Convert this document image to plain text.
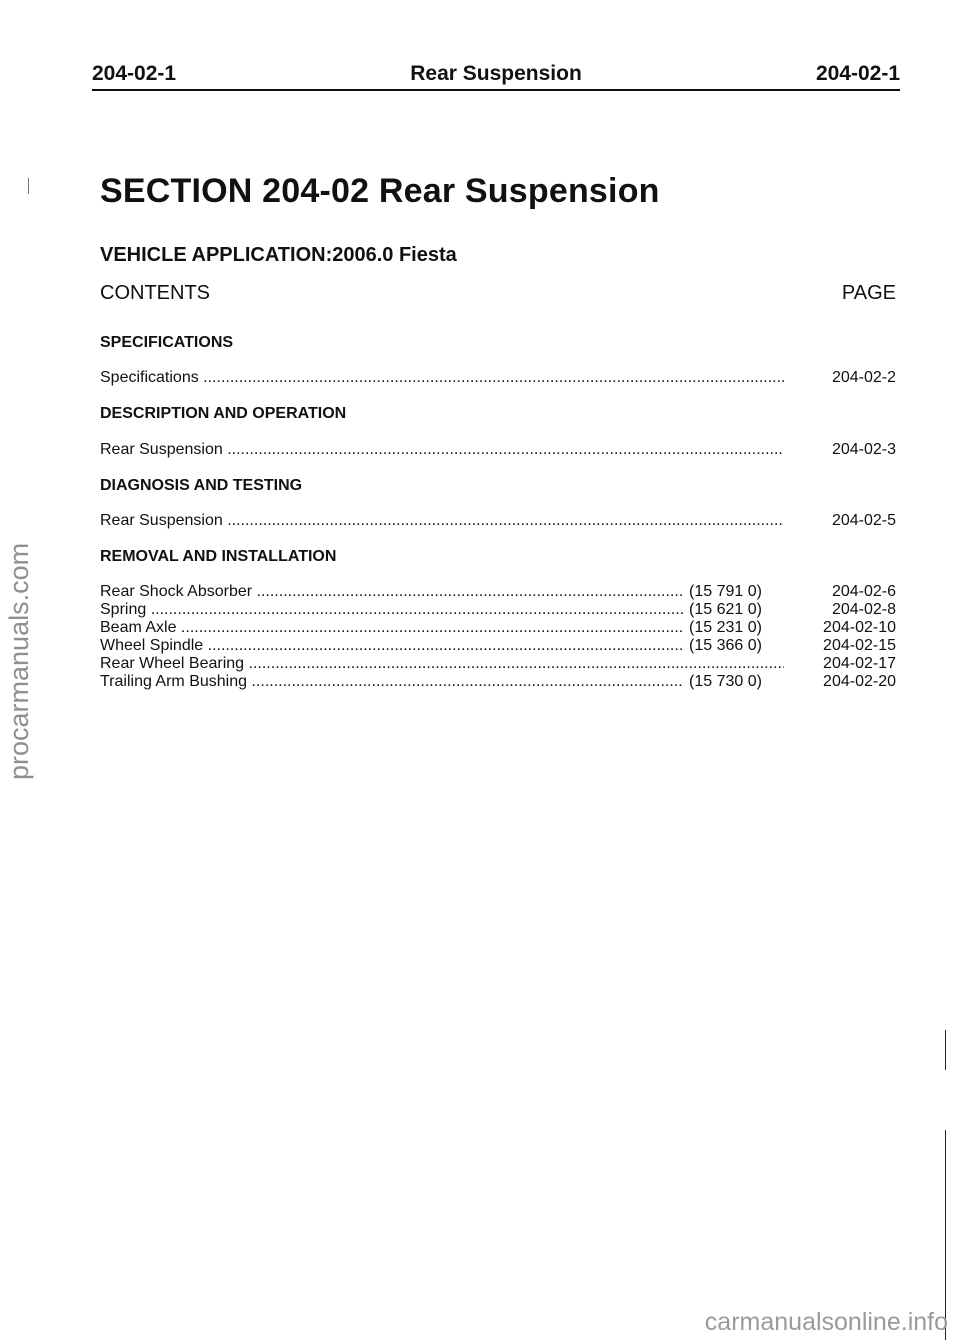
204-02-1	Rear Suspension	204-02-1
SECTION 204-02 Rear Suspension
VEHICLE APPLICATION:2006.0 Fiesta
CONTENTS	PAGE
SPECIFICATIONS
Specifications .....	204-02-2
DESCRIPTION AND OPERATION
Rear Suspension .....	204-02-3
DIAGNOSIS AND TESTING
Rear Suspension .....	204-02-5
REMOVAL AND INSTALLATION
Rear Shock Absorber .....	(15 791 0)	204-02-6
Spring .....	(15 621 0)	204-02-8
Beam Axle .....	(15 231 0)	204-02-10
Wheel Spindle .....	(15 366 0)	204-02-15
Rear Wheel Bearing .....	204-02-17
Trailing Arm Bushing .....	(15 730 0)	204-02-20
procarmanuals.com
carmanualsonline.info
